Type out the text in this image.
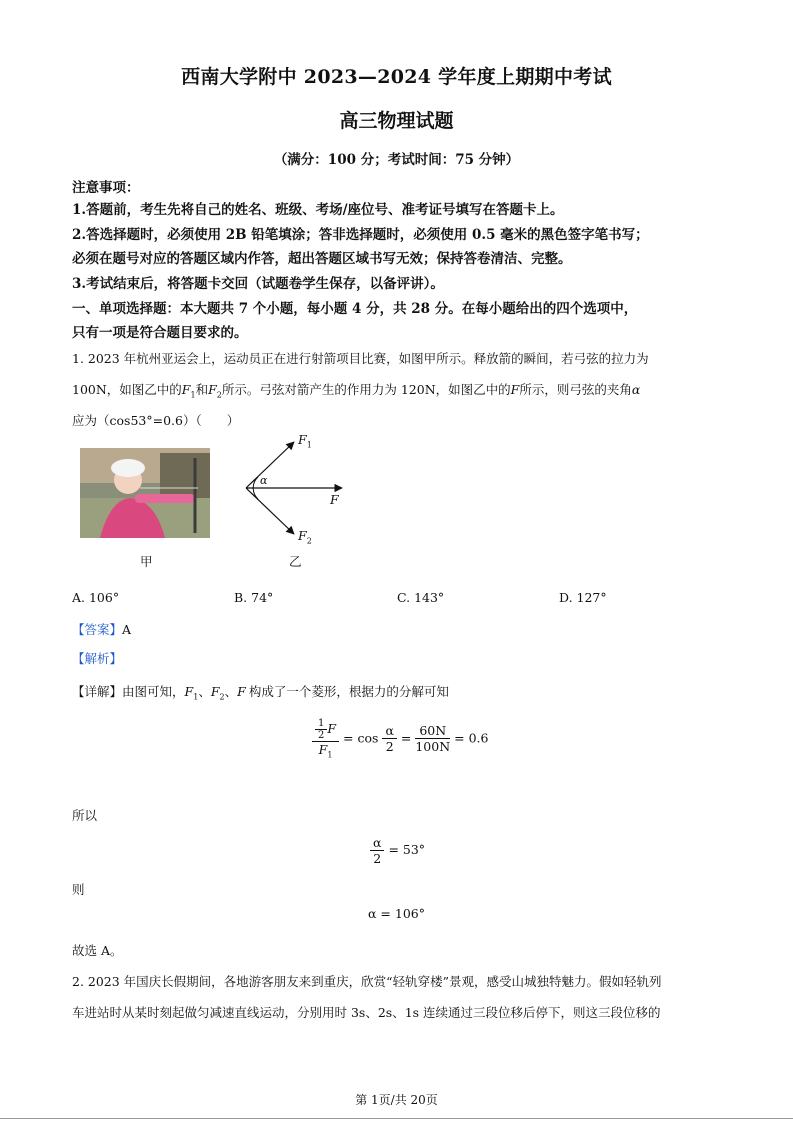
西南大学附中 2023—2024 学年度上期期中考试
高三物理试题
（满分：100 分；考试时间：75 分钟）
注意事项：
1.答题前，考生先将自己的姓名、班级、考场/座位号、准考证号填写在答题卡上。
2.答选择题时，必须使用 2B 铅笔填涂；答非选择题时，必须使用 0.5 毫米的黑色签字笔书写；
必须在题号对应的答题区域内作答，超出答题区域书写无效；保持答卷清洁、完整。
3.考试结束后，将答题卡交回（试题卷学生保存，以备评讲）。
一、单项选择题：本大题共 7 个小题，每小题 4 分，共 28 分。在每小题给出的四个选项中，
只有一项是符合题目要求的。
1. 2023 年杭州亚运会上，运动员正在进行射箭项目比赛，如图甲所示。释放箭的瞬间，若弓弦的拉力为
100N，如图乙中的$F_1$和$F_2$所示。弓弦对箭产生的作用力为 120N，如图乙中的F所示，则弓弦的夹角α
应为（cos53°=0.6）（　　）
$F_1$
α
F
$F_2$
甲	乙
A. 106°	B. 74°	C. 143°	D. 127°
【答案】A
【解析】
【详解】由图可知，$F_1$、$F_2$、F 构成了一个菱形，根据力的分解可知
$\frac{\frac{1}{2} F}{F_1} = \cos \frac{\alpha}{2} = \frac{60N}{100N} = 0.6$
所以
$\frac{\alpha}{2} = 53^\circ$
则
α = 106°
故选 A。
2. 2023 年国庆长假期间，各地游客朋友来到重庆，欣赏“轻轨穿楼”景观，感受山城独特魅力。假如轻轨列
车进站时从某时刻起做匀减速直线运动，分别用时 3s、2s、1s 连续通过三段位移后停下，则这三段位移的
第 1页/共 20页
